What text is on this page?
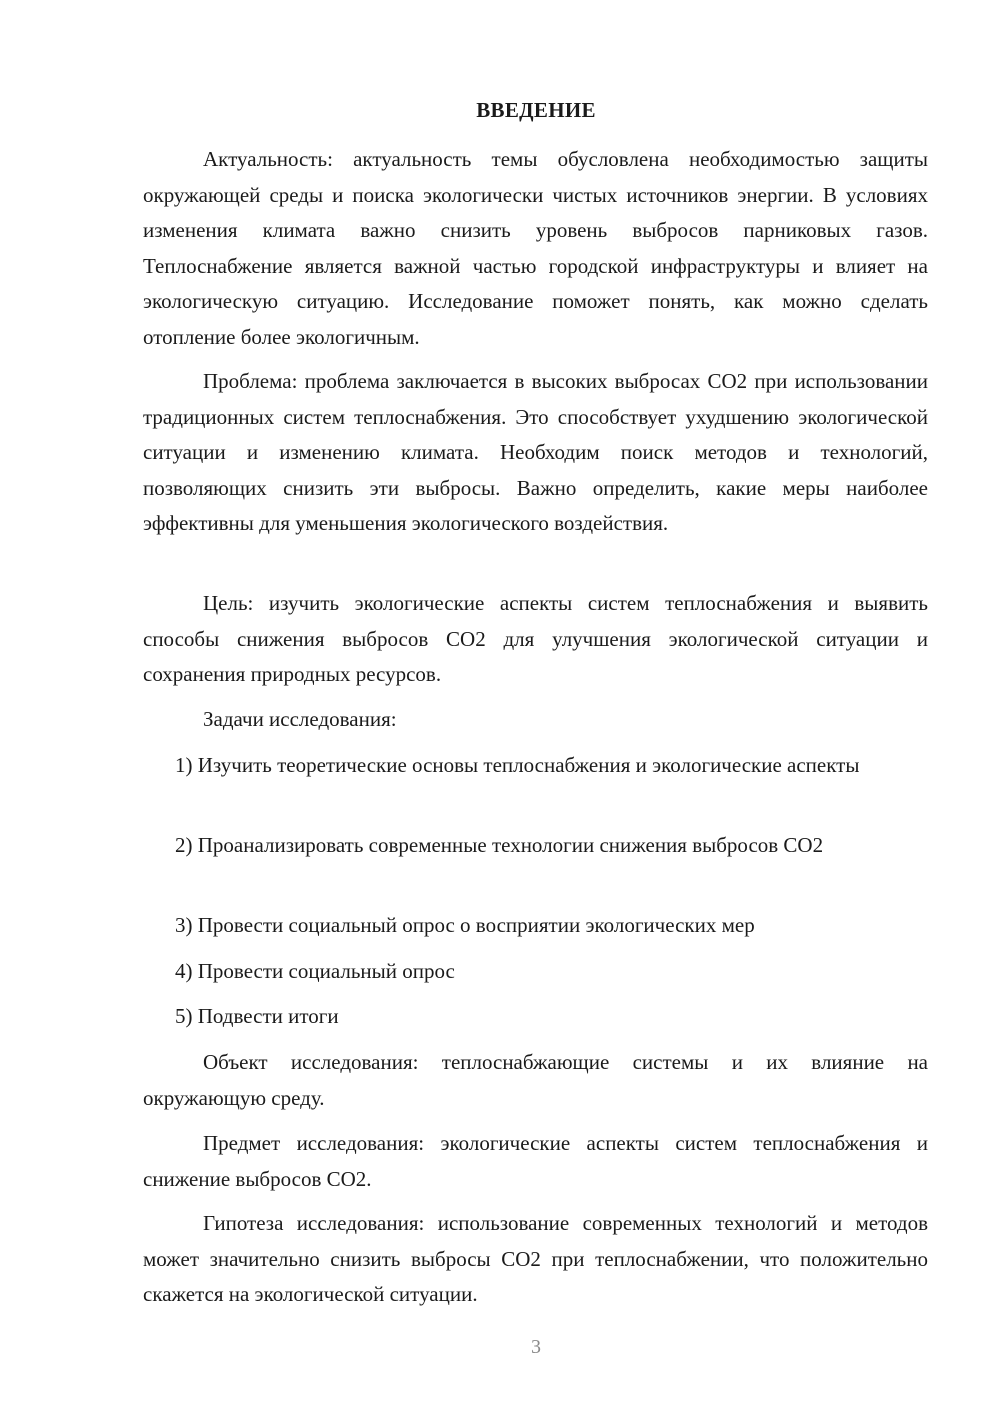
ВВЕДЕНИЕ

Актуальность: актуальность темы обусловлена необходимостью защиты окружающей среды и поиска экологически чистых источников энергии. В условиях изменения климата важно снизить уровень выбросов парниковых газов. Теплоснабжение является важной частью городской инфраструктуры и влияет на экологическую ситуацию. Исследование поможет понять, как можно сделать отопление более экологичным.

Проблема: проблема заключается в высоких выбросах CO2 при использовании традиционных систем теплоснабжения. Это способствует ухудшению экологической ситуации и изменению климата. Необходим поиск методов и технологий, позволяющих снизить эти выбросы. Важно определить, какие меры наиболее эффективны для уменьшения экологического воздействия.

Цель: изучить экологические аспекты систем теплоснабжения и выявить способы снижения выбросов CO2 для улучшения экологической ситуации и сохранения природных ресурсов.

Задачи исследования:

1) Изучить теоретические основы теплоснабжения и экологические аспекты

2) Проанализировать современные технологии снижения выбросов CO2

3) Провести социальный опрос о восприятии экологических мер

4) Провести социальный опрос

5) Подвести итоги

Объект исследования: теплоснабжающие системы и их влияние на окружающую среду.

Предмет исследования: экологические аспекты систем теплоснабжения и снижение выбросов CO2.

Гипотеза исследования: использование современных технологий и методов может значительно снизить выбросы CO2 при теплоснабжении, что положительно скажется на экологической ситуации.

3
